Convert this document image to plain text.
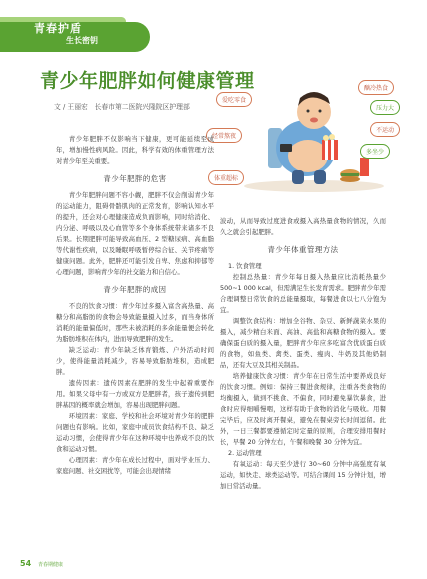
青春护盾
生长密钥
青少年肥胖如何健康管理
文 / 王丽宏　长春市第二医院兴隆院区护理部
爱吃零食
酗冷热食
经常熬夜
不运动
体重超标
压力大
多坐少

青少年肥胖不仅影响当下健康，更可能延续至成年，增加慢性病风险。因此，科学有效的体重管理方法对青少年至关重要。

青少年肥胖的危害

青少年肥胖问题不容小觑，肥胖不仅会削弱青少年的运动能力，阻碍骨骼肌肉的正常发育，影响认知水平的提升，还会对心理健康造成负面影响，同时给消化、内分泌、呼吸以及心血管等多个身体系统带来诸多不良后果。长期肥胖可能导致高血压、2 型糖尿病、高血脂等代谢性疾病，以及睡眠呼吸暂停综合征、关节疼痛等健康问题。此外，肥胖还可能引发自卑、焦虑和抑郁等心理问题，影响青少年的社交能力和自信心。

青少年肥胖的成因

不良的饮食习惯：青少年过多摄入富含高热量、高糖分和高脂肪的食物会导致能量摄入过多，而当身体所消耗的能量偏低时，那些未被消耗的多余能量便会转化为脂肪堆积在体内，进而导致肥胖的发生。

缺乏运动：青少年缺乏体育锻炼、户外活动时间少，使得能量消耗减少，容易导致脂肪堆积，造成肥胖。

遗传因素：遗传因素在肥胖的发生中起着重要作用。如果父母中有一方或双方是肥胖者，孩子遗传到肥胖基因的概率就会增加，容易出现肥胖问题。

环境因素：家庭、学校和社会环境对青少年的肥胖问题也有影响。比如，家庭中成员饮食结构不良、缺乏运动习惯，会使得青少年在这种环境中也养成不良的饮食和运动习惯。

心理因素：青少年在成长过程中，面对学业压力、家庭问题、社交困扰等，可能会出现情绪

波动，从而导致过度进食或摄入高热量食物的情况，久而久之就会引起肥胖。

青少年体重管理方法

1. 饮食管理

控制总热量：青少年每日摄入热量应比消耗热量少 500~1 000 kcal，但需满足生长发育需求。肥胖青少年需合理调整日常饮食的总能量摄取，每餐进食以七八分饱为宜。

调整饮食结构：增加全谷物、杂豆、新鲜蔬菜水果的摄入，减少精白米面、高油、高盐和高糖食物的摄入。要确保蛋白质的摄入量，肥胖青少年应多吃富含优质蛋白质的食物，如鱼类、禽类、蛋类、瘦肉、牛奶及其他奶制品，还有大豆及其相关制品。

培养健康饮食习惯：青少年在日常生活中要养成良好的饮食习惯。例如：保持三餐进食规律，注重各类食物的均衡摄入，做到不挑食、不偏食，同时避免暴饮暴食，进食时应得细嚼慢咽，这样有助于食物的消化与吸收。用餐完毕后，应及时离开餐桌，避免在餐桌旁长时间逗留。此外，一日三餐都要遵循定时定量的原则，合理安排用餐时长，早餐 20 分钟左右，午餐和晚餐 30 分钟为宜。

2. 运动管理

有氧运动：每天至少进行 30~60 分钟中高强度有氧运动，如快走、球类运动等。可结合课间 15 分钟计划，增加日常活动量。

54 青春期健康
